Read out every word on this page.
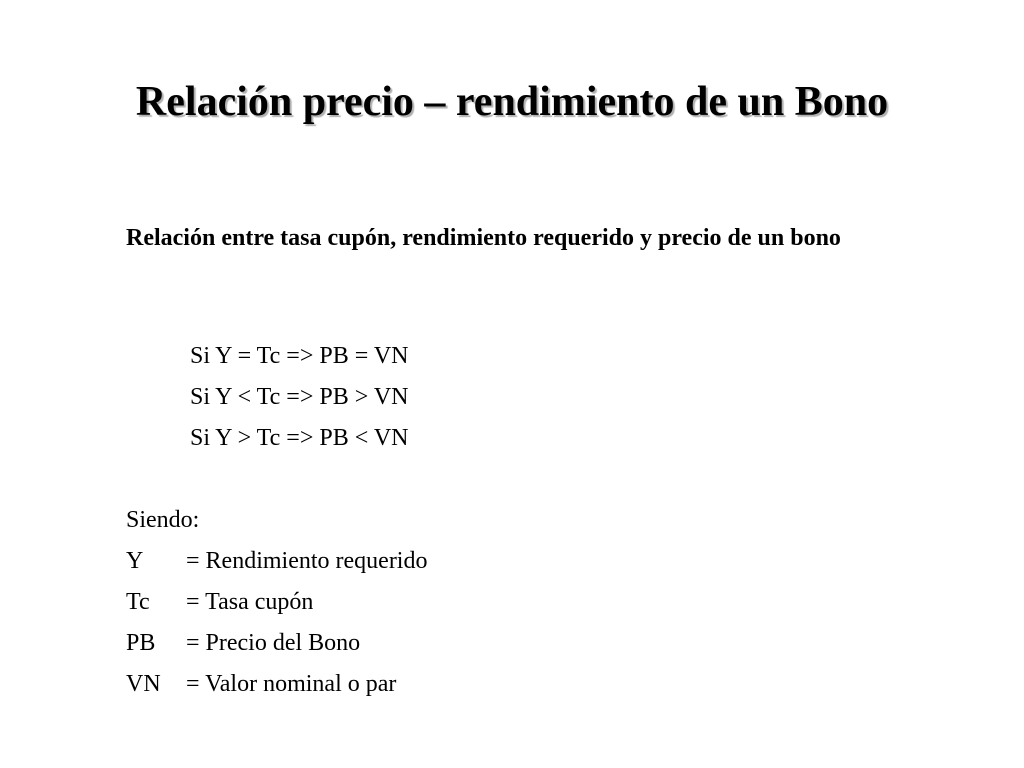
Relación precio – rendimiento de un Bono
Relación entre tasa cupón, rendimiento requerido y precio de un bono
Si Y = Tc => PB = VN
Si Y < Tc => PB > VN
Si Y > Tc => PB < VN
Siendo:
Y	= Rendimiento requerido
Tc	= Tasa cupón
PB	= Precio del Bono
VN	= Valor nominal o par
